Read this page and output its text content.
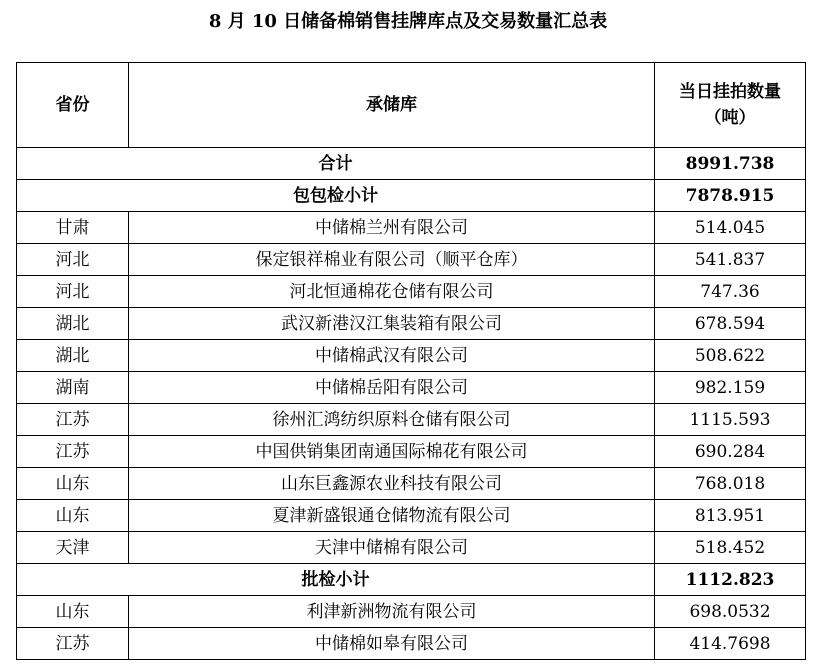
8 月 10 日储备棉销售挂牌库点及交易数量汇总表
省份	承储库	当日挂拍数量
（吨）

合计		8991.738
包包检小计		7878.915
甘肃	中储棉兰州有限公司	514.045
河北	保定银祥棉业有限公司（顺平仓库）	541.837
河北	河北恒通棉花仓储有限公司	747.36
湖北	武汉新港汉江集装箱有限公司	678.594
湖北	中储棉武汉有限公司	508.622
湖南	中储棉岳阳有限公司	982.159
江苏	徐州汇鸿纺织原料仓储有限公司	1115.593
江苏	中国供销集团南通国际棉花有限公司	690.284
山东	山东巨鑫源农业科技有限公司	768.018
山东	夏津新盛银通仓储物流有限公司	813.951
天津	天津中储棉有限公司	518.452
批检小计		1112.823
山东	利津新洲物流有限公司	698.0532
江苏	中储棉如皋有限公司	414.7698
